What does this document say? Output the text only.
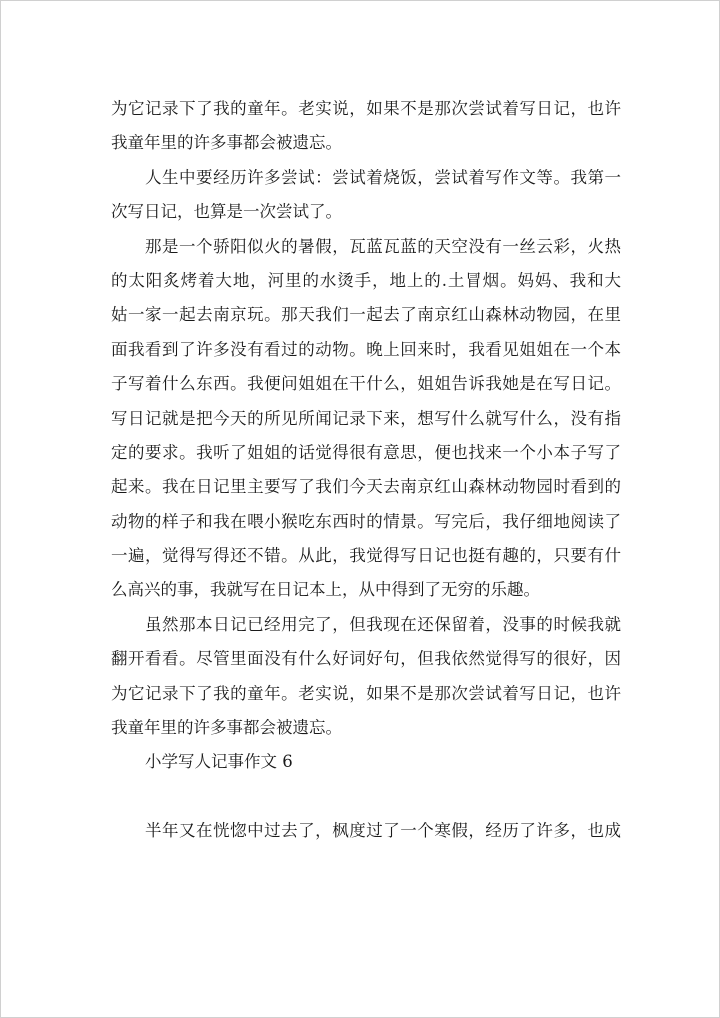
为它记录下了我的童年。老实说，如果不是那次尝试着写日记，也许
我童年里的许多事都会被遗忘。
人生中要经历许多尝试：尝试着烧饭，尝试着写作文等。我第一
次写日记，也算是一次尝试了。
那是一个骄阳似火的暑假，瓦蓝瓦蓝的天空没有一丝云彩，火热
的太阳炙烤着大地，河里的水烫手，地上的.土冒烟。妈妈、我和大
姑一家一起去南京玩。那天我们一起去了南京红山森林动物园，在里
面我看到了许多没有看过的动物。晚上回来时，我看见姐姐在一个本
子写着什么东西。我便问姐姐在干什么，姐姐告诉我她是在写日记。
写日记就是把今天的所见所闻记录下来，想写什么就写什么，没有指
定的要求。我听了姐姐的话觉得很有意思，便也找来一个小本子写了
起来。我在日记里主要写了我们今天去南京红山森林动物园时看到的
动物的样子和我在喂小猴吃东西时的情景。写完后，我仔细地阅读了
一遍，觉得写得还不错。从此，我觉得写日记也挺有趣的，只要有什
么高兴的事，我就写在日记本上，从中得到了无穷的乐趣。
虽然那本日记已经用完了，但我现在还保留着，没事的时候我就
翻开看看。尽管里面没有什么好词好句，但我依然觉得写的很好，因
为它记录下了我的童年。老实说，如果不是那次尝试着写日记，也许
我童年里的许多事都会被遗忘。
小学写人记事作文 6
半年又在恍惚中过去了，枫度过了一个寒假，经历了许多，也成
